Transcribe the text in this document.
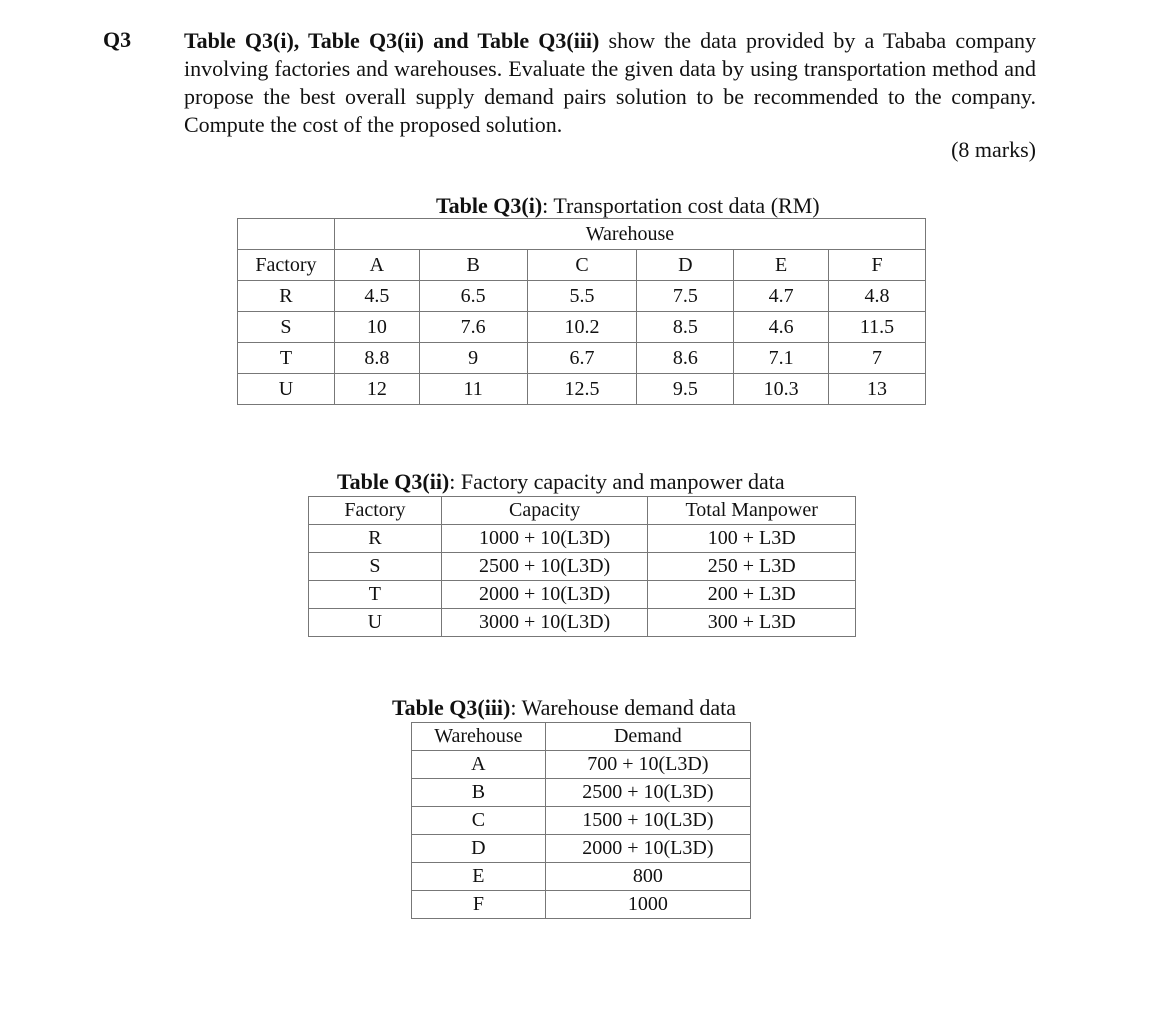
Q3 Table Q3(i), Table Q3(ii) and Table Q3(iii) show the data provided by a Tababa company involving factories and warehouses. Evaluate the given data by using transportation method and propose the best overall supply demand pairs solution to be recommended to the company. Compute the cost of the proposed solution.
(8 marks)
Table Q3(i): Transportation cost data (RM)
	Warehouse					
Factory	A	B	C	D	E	F
R	4.5	6.5	5.5	7.5	4.7	4.8
S	10	7.6	10.2	8.5	4.6	11.5
T	8.8	9	6.7	8.6	7.1	7
U	12	11	12.5	9.5	10.3	13
Table Q3(ii): Factory capacity and manpower data
Factory	Capacity	Total Manpower
R	1000 + 10(L3D)	100 + L3D
S	2500 + 10(L3D)	250 + L3D
T	2000 + 10(L3D)	200 + L3D
U	3000 + 10(L3D)	300 + L3D
Table Q3(iii): Warehouse demand data
Warehouse	Demand
A	700 + 10(L3D)
B	2500 + 10(L3D)
C	1500 + 10(L3D)
D	2000 + 10(L3D)
E	800
F	1000
